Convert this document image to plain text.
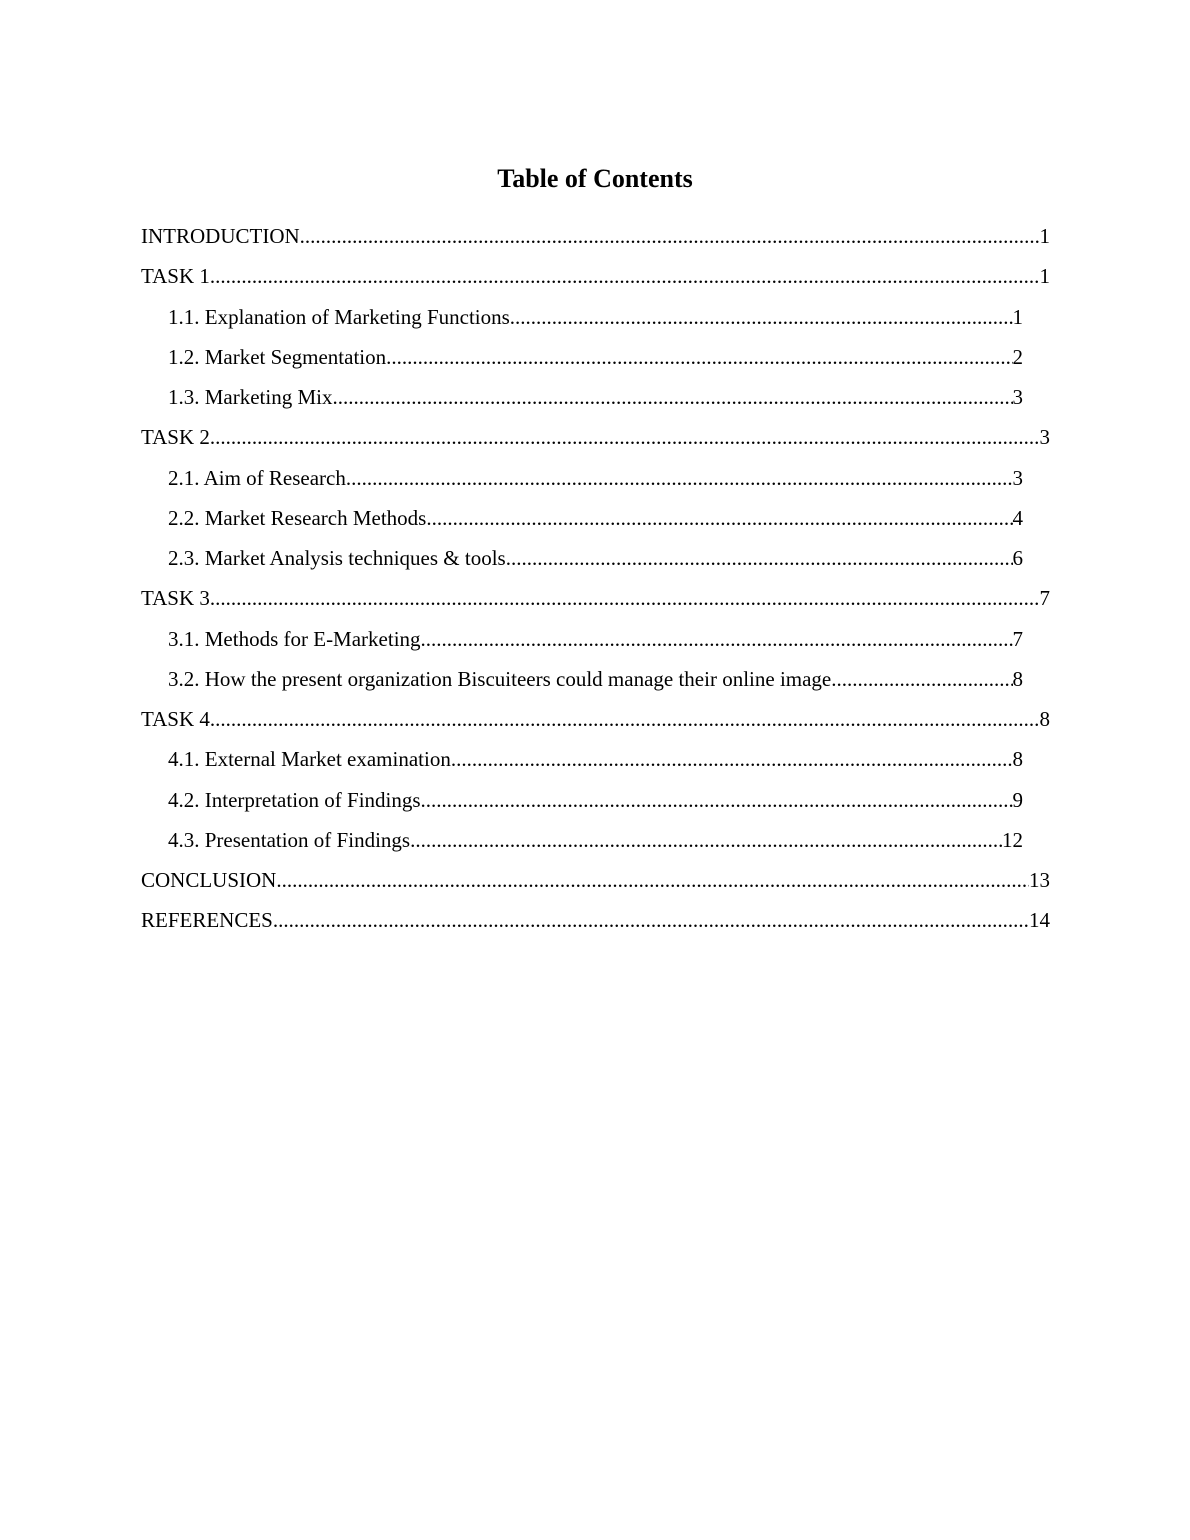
Table of Contents
INTRODUCTION .....	1
TASK 1 .....	1
1.1. Explanation of Marketing Functions .....	1
1.2. Market Segmentation .....	2
1.3. Marketing Mix .....	3
TASK 2 .....	3
2.1. Aim of Research .....	3
2.2. Market Research Methods .....	4
2.3. Market Analysis techniques & tools .....	6
TASK 3 .....	7
3.1. Methods for E-Marketing .....	7
3.2. How the present organization Biscuiteers could manage their online image .....	8
TASK 4 .....	8
4.1. External Market examination .....	8
4.2. Interpretation of Findings .....	9
4.3. Presentation of Findings .....	12
CONCLUSION .....	13
REFERENCES .....	14
